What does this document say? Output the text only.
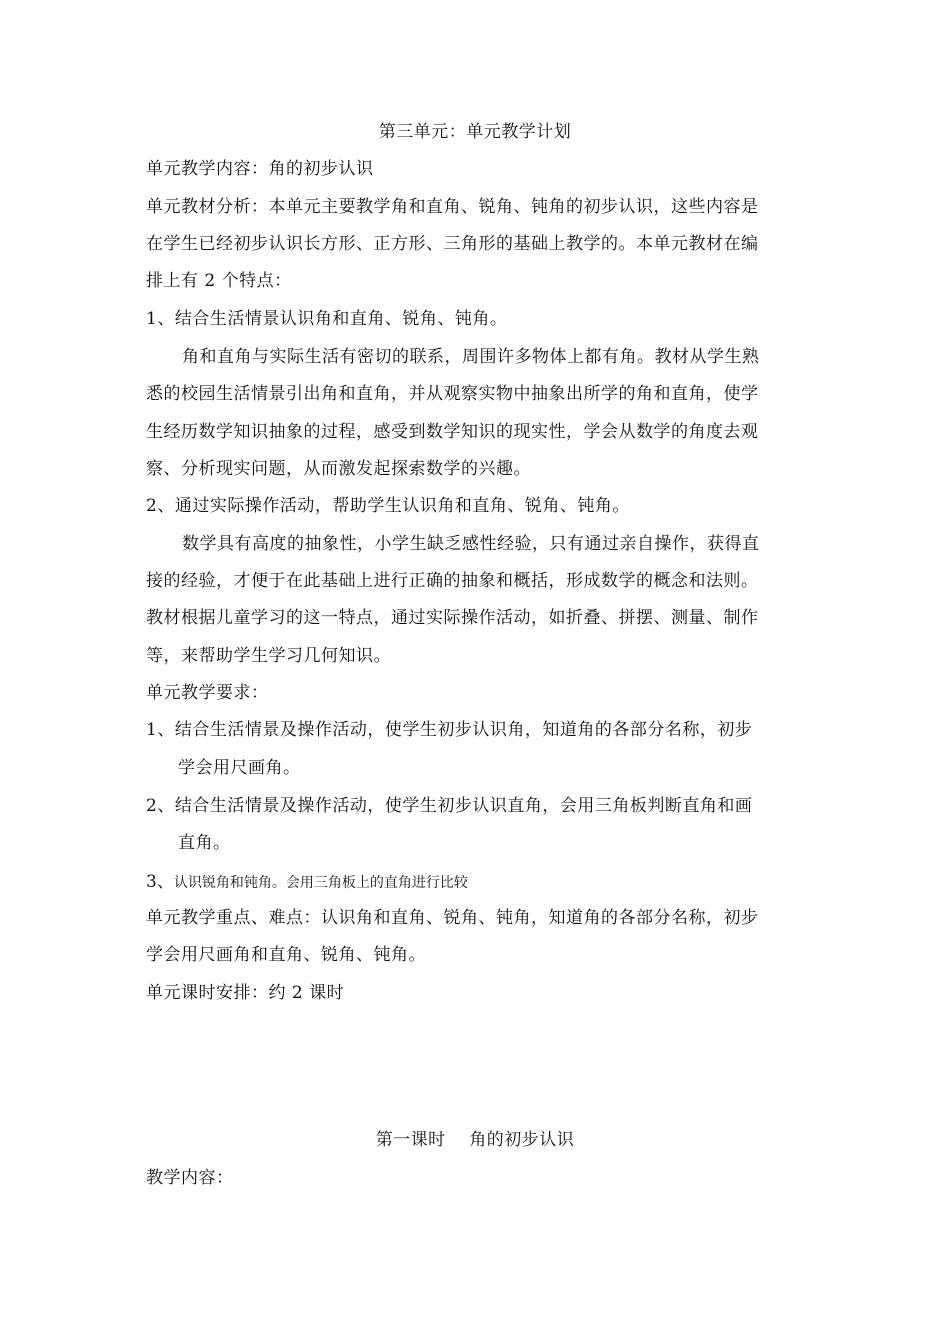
第三单元：单元教学计划
单元教学内容：角的初步认识
单元教材分析：本单元主要教学角和直角、锐角、钝角的初步认识，这些内容是
在学生已经初步认识长方形、正方形、三角形的基础上教学的。本单元教材在编
排上有 2 个特点：
1、结合生活情景认识角和直角、锐角、钝角。
角和直角与实际生活有密切的联系，周围许多物体上都有角。教材从学生熟
悉的校园生活情景引出角和直角，并从观察实物中抽象出所学的角和直角，使学
生经历数学知识抽象的过程，感受到数学知识的现实性，学会从数学的角度去观
察、分析现实问题，从而激发起探索数学的兴趣。
2、通过实际操作活动，帮助学生认识角和直角、锐角、钝角。
数学具有高度的抽象性，小学生缺乏感性经验，只有通过亲自操作，获得直
接的经验，才便于在此基础上进行正确的抽象和概括，形成数学的概念和法则。
教材根据儿童学习的这一特点，通过实际操作活动，如折叠、拼摆、测量、制作
等，来帮助学生学习几何知识。
单元教学要求：
1、结合生活情景及操作活动，使学生初步认识角，知道角的各部分名称，初步
学会用尺画角。
2、结合生活情景及操作活动，使学生初步认识直角，会用三角板判断直角和画
直角。
3、认识锐角和钝角。会用三角板上的直角进行比较
单元教学重点、难点：认识角和直角、锐角、钝角，知道角的各部分名称，初步
学会用尺画角和直角、锐角、钝角。
单元课时安排：约 2 课时
第一课时    角的初步认识
教学内容：
